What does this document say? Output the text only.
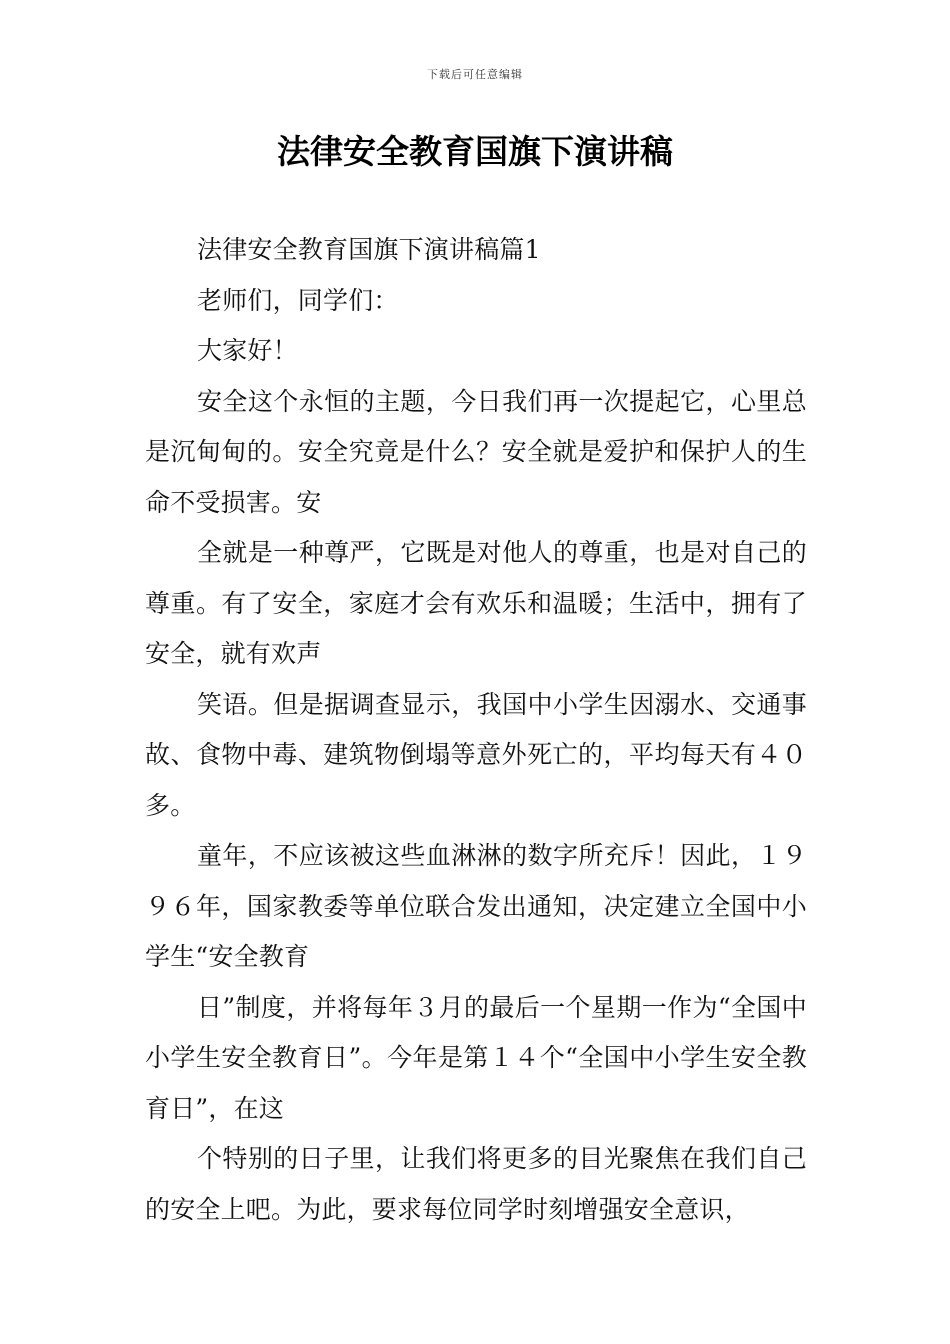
下载后可任意编辑
法律安全教育国旗下演讲稿

法律安全教育国旗下演讲稿篇1

老师们，同学们：

大家好！

安全这个永恒的主题，今日我们再一次提起它，心里总是沉甸甸的。安全究竟是什么？安全就是爱护和保护人的生命不受损害。安

全就是一种尊严，它既是对他人的尊重，也是对自己的尊重。有了安全，家庭才会有欢乐和温暖；生活中，拥有了安全，就有欢声

笑语。但是据调查显示，我国中小学生因溺水、交通事故、食物中毒、建筑物倒塌等意外死亡的，平均每天有４０多。

童年，不应该被这些血淋淋的数字所充斥！因此，１９９６年，国家教委等单位联合发出通知，决定建立全国中小学生“安全教育

日”制度，并将每年３月的最后一个星期一作为“全国中小学生安全教育日”。今年是第１４个“全国中小学生安全教育日”，在这

个特别的日子里，让我们将更多的目光聚焦在我们自己的安全上吧。为此，要求每位同学时刻增强安全意识，
